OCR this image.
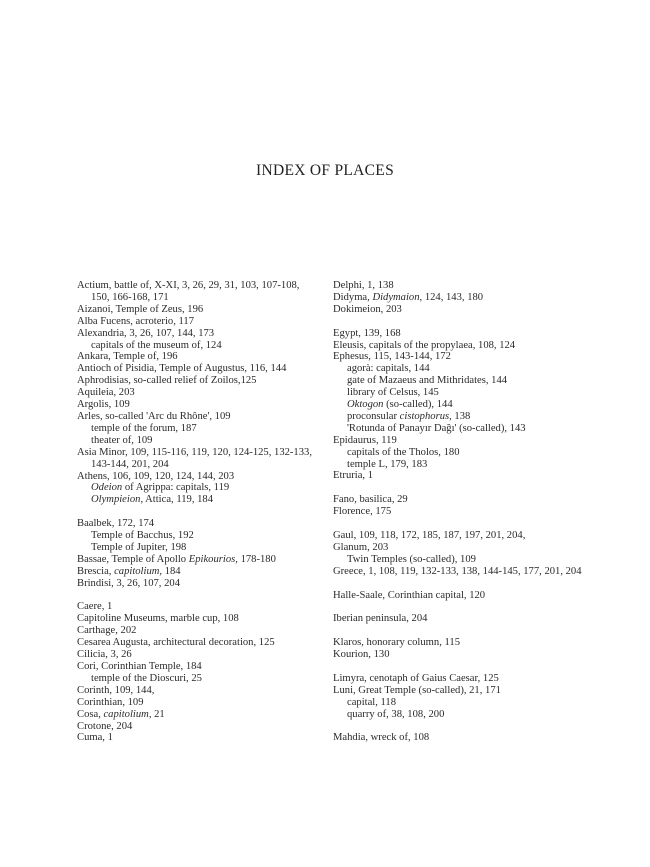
INDEX OF PLACES
Actium, battle of, X-XI, 3, 26, 29, 31, 103, 107-108,
150, 166-168, 171
Aizanoi, Temple of Zeus, 196
Alba Fucens, acroterio, 117
Alexandria, 3, 26, 107, 144, 173
capitals of the museum of, 124
Ankara, Temple of, 196
Antioch of Pisidia, Temple of Augustus, 116, 144
Aphrodisias, so-called relief of Zoilos,125
Aquileia, 203
Argolis, 109
Arles, so-called 'Arc du Rhône', 109
temple of the forum, 187
theater of, 109
Asia Minor, 109, 115-116, 119, 120, 124-125, 132-133,
143-144, 201, 204
Athens, 106, 109, 120, 124, 144, 203
Odeion of Agrippa: capitals, 119
Olympieion, Attica, 119, 184
Baalbek, 172, 174
Temple of Bacchus, 192
Temple of Jupiter, 198
Bassae, Temple of Apollo Epikourios, 178-180
Brescia, capitolium, 184
Brindisi, 3, 26, 107, 204
Caere, 1
Capitoline Museums, marble cup, 108
Carthage, 202
Cesarea Augusta, architectural decoration, 125
Cilicia, 3, 26
Cori, Corinthian Temple, 184
temple of the Dioscuri, 25
Corinth, 109, 144,
Corinthian, 109
Cosa, capitolium, 21
Crotone, 204
Cuma, 1
Delphi, 1, 138
Didyma, Didymaion, 124, 143, 180
Dokimeion, 203
Egypt, 139, 168
Eleusis, capitals of the propylaea, 108, 124
Ephesus, 115, 143-144, 172
agorà: capitals, 144
gate of Mazaeus and Mithridates, 144
library of Celsus, 145
Oktogon (so-called), 144
proconsular cistophorus, 138
'Rotunda of Panayır Dağı' (so-called), 143
Epidaurus, 119
capitals of the Tholos, 180
temple L, 179, 183
Etruria, 1
Fano, basilica, 29
Florence, 175
Gaul, 109, 118, 172, 185, 187, 197, 201, 204,
Glanum, 203
Twin Temples (so-called), 109
Greece, 1, 108, 119, 132-133, 138, 144-145, 177, 201, 204
Halle-Saale, Corinthian capital, 120
Iberian peninsula, 204
Klaros, honorary column, 115
Kourion, 130
Limyra, cenotaph of Gaius Caesar, 125
Luni, Great Temple (so-called), 21, 171
capital, 118
quarry of, 38, 108, 200
Mahdia, wreck of, 108
